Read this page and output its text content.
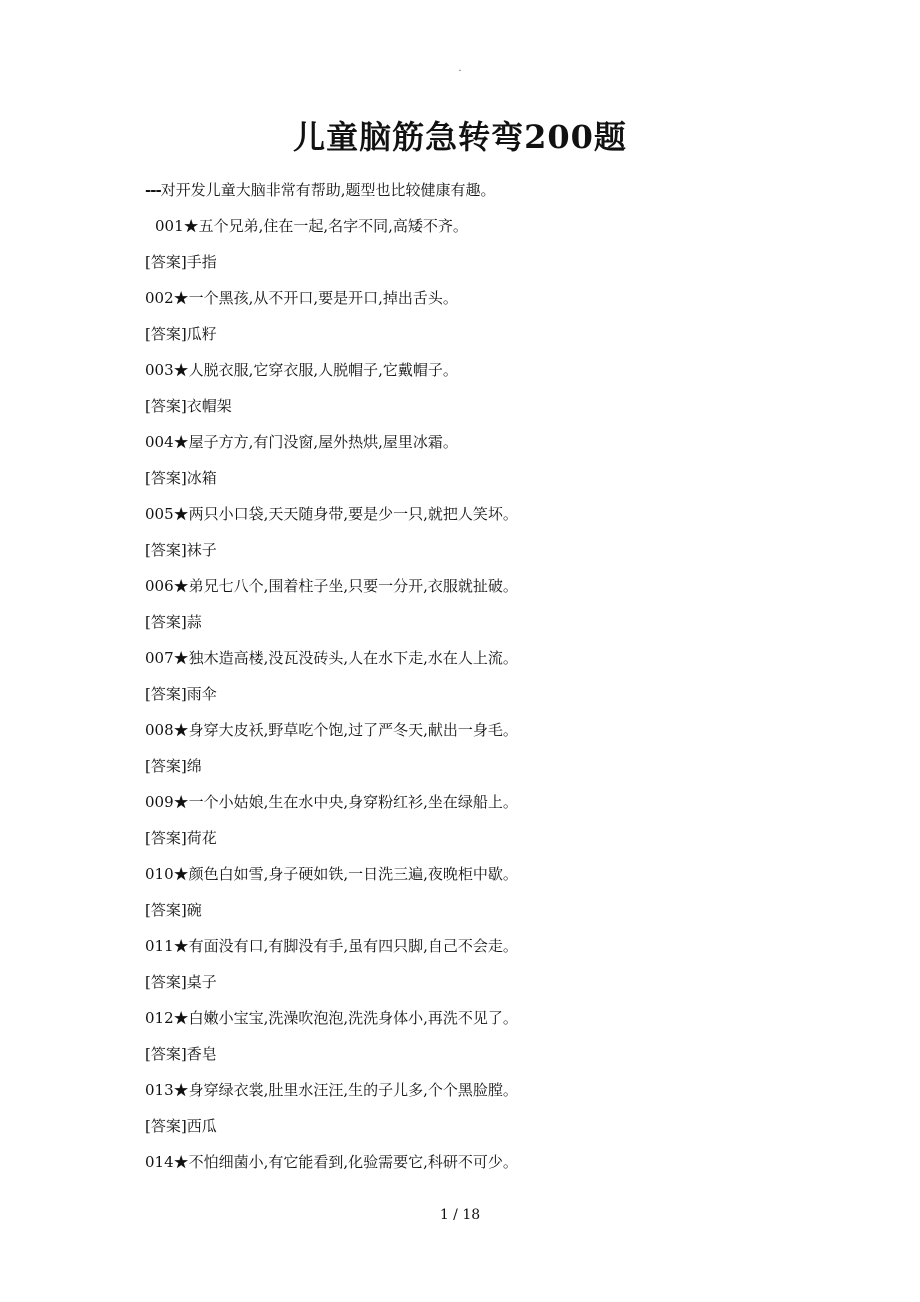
·
儿童脑筋急转弯200题
---对开发儿童大脑非常有帮助,题型也比较健康有趣。
001★五个兄弟,住在一起,名字不同,高矮不齐。
[答案]手指
002★一个黑孩,从不开口,要是开口,掉出舌头。
[答案]瓜籽
003★人脱衣服,它穿衣服,人脱帽子,它戴帽子。
[答案]衣帽架
004★屋子方方,有门没窗,屋外热烘,屋里冰霜。
[答案]冰箱
005★两只小口袋,天天随身带,要是少一只,就把人笑坏。
[答案]袜子
006★弟兄七八个,围着柱子坐,只要一分开,衣服就扯破。
[答案]蒜
007★独木造高楼,没瓦没砖头,人在水下走,水在人上流。
[答案]雨伞
008★身穿大皮袄,野草吃个饱,过了严冬天,献出一身毛。
[答案]绵
009★一个小姑娘,生在水中央,身穿粉红衫,坐在绿船上。
[答案]荷花
010★颜色白如雪,身子硬如铁,一日洗三遍,夜晚柜中歇。
[答案]碗
011★有面没有口,有脚没有手,虽有四只脚,自己不会走。
[答案]桌子
012★白嫩小宝宝,洗澡吹泡泡,洗洗身体小,再洗不见了。
[答案]香皂
013★身穿绿衣裳,肚里水汪汪,生的子儿多,个个黑脸膛。
[答案]西瓜
014★不怕细菌小,有它能看到,化验需要它,科研不可少。
1 / 18
